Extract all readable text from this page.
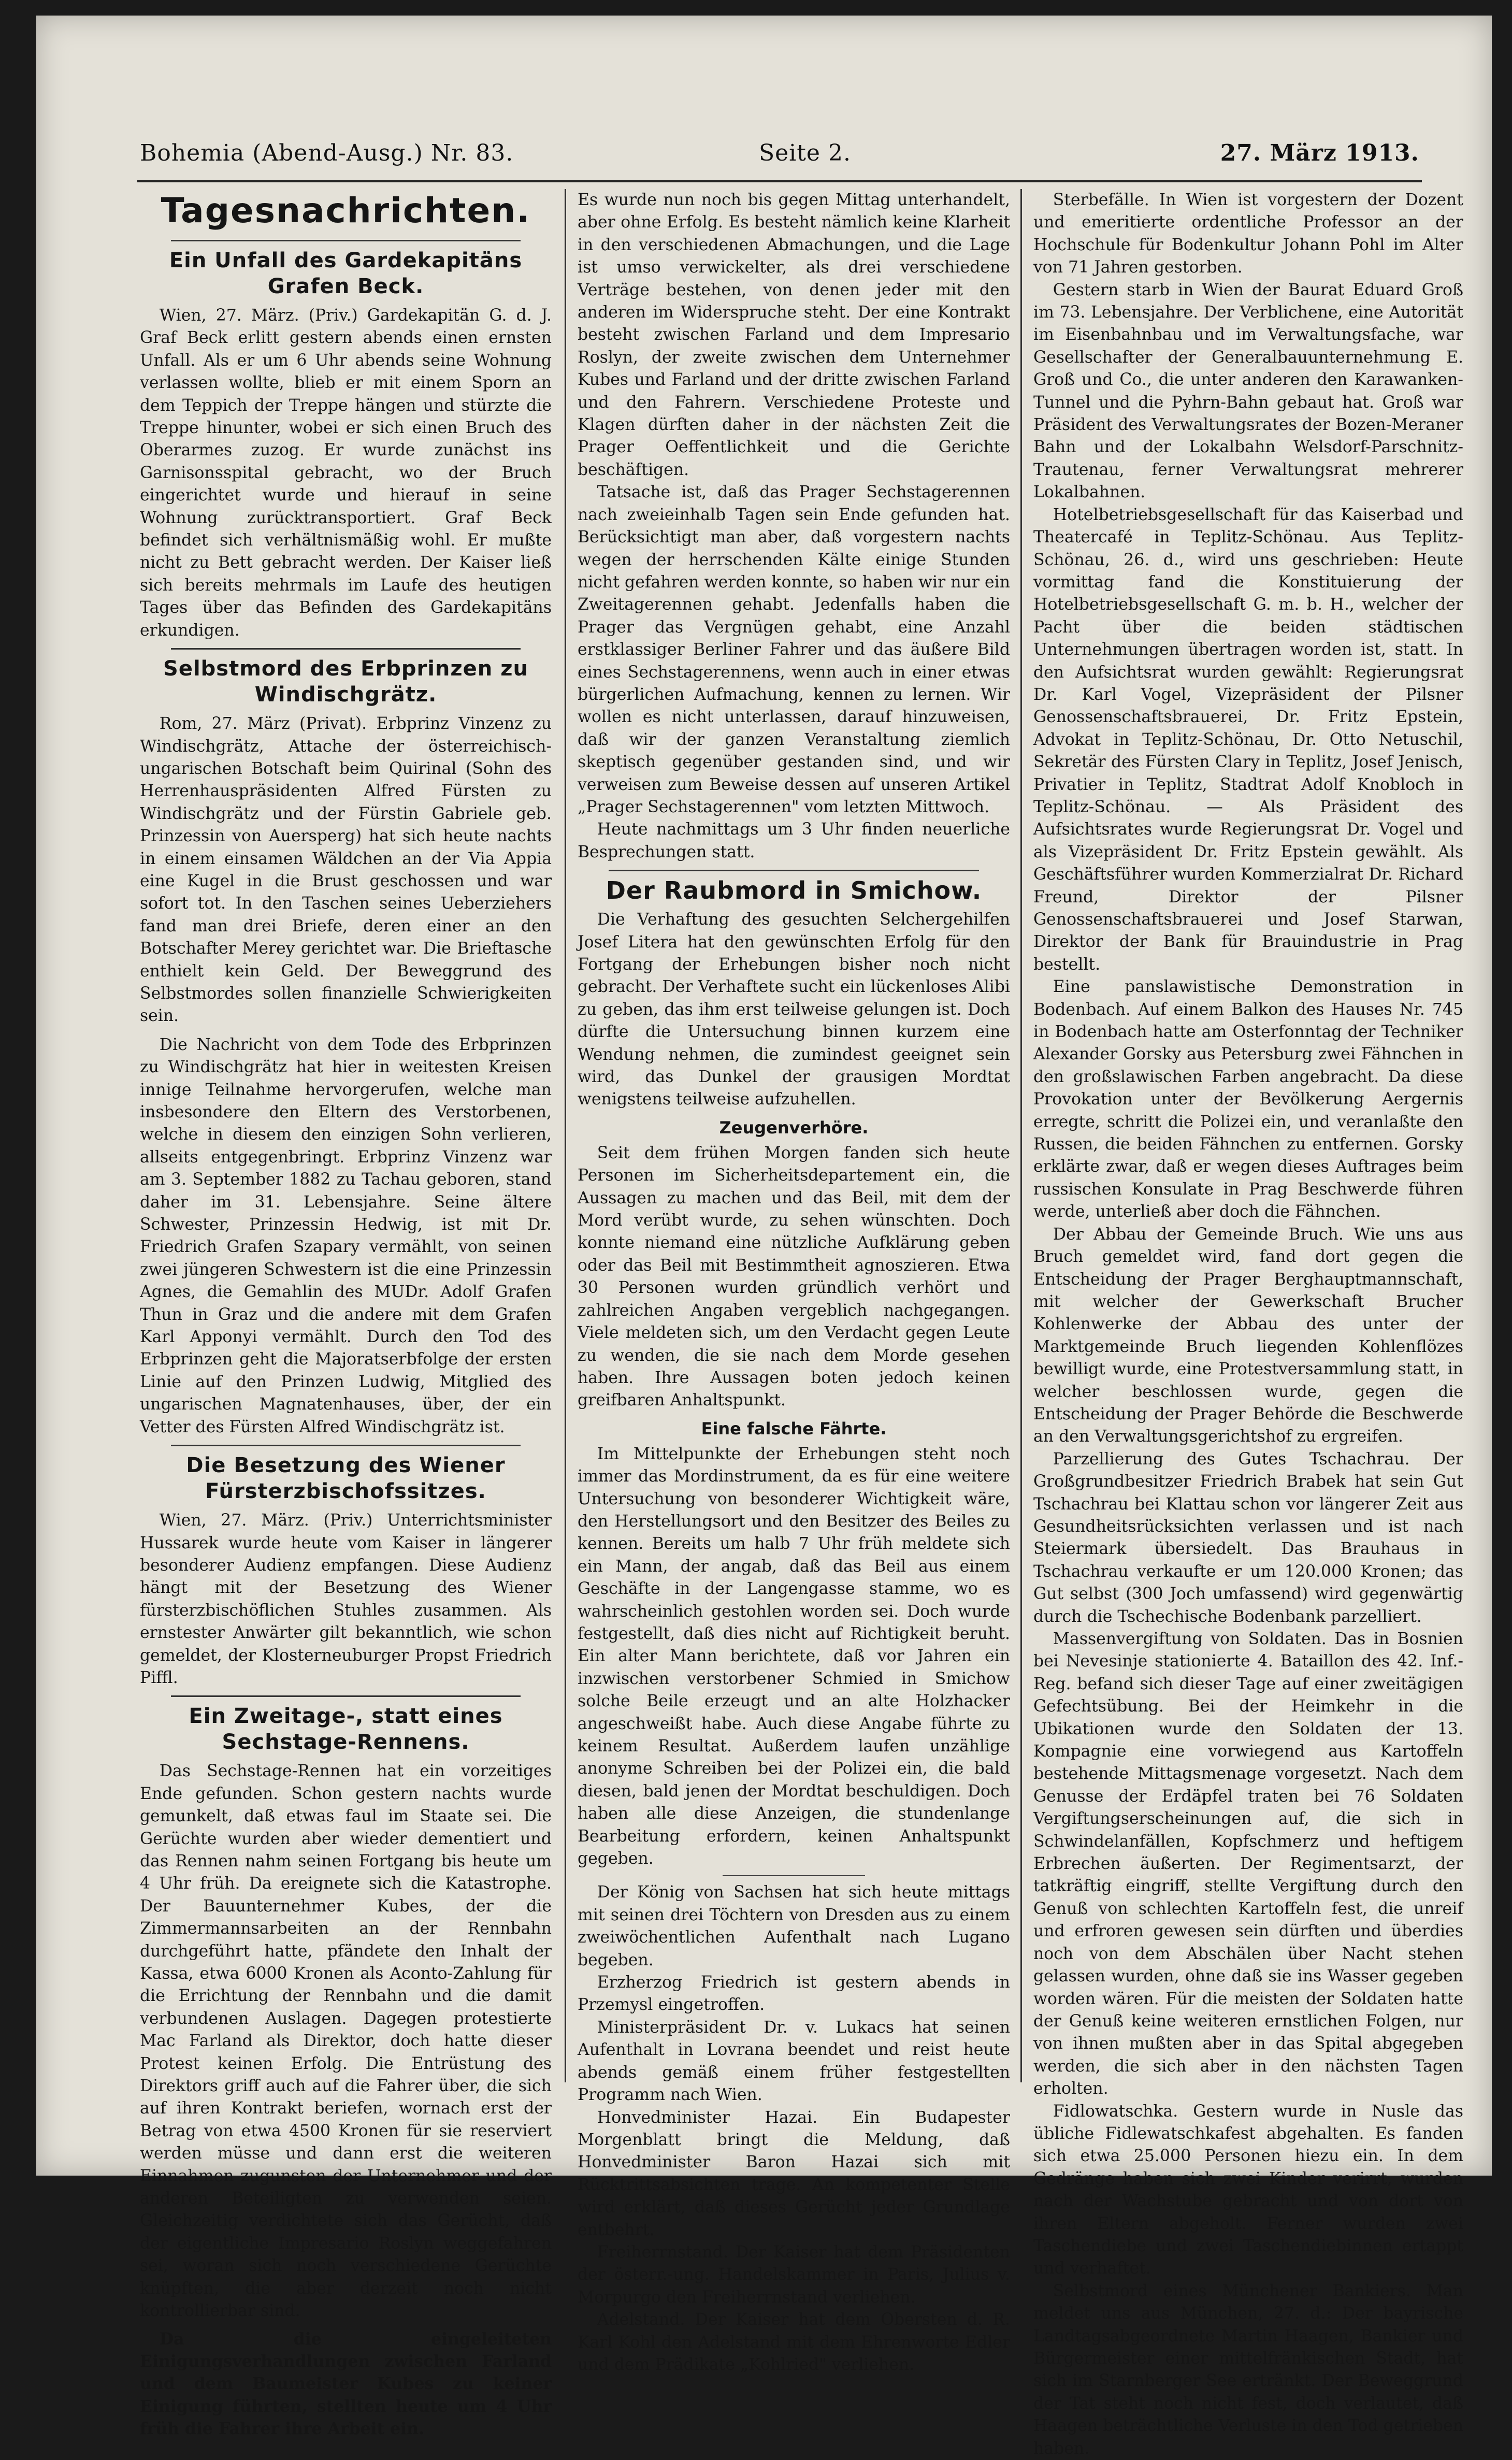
Bohemia (Abend-Ausg.) Nr. 83.	Seite 2.	27. März 1913.
Tagesnachrichten.
Ein Unfall des Gardekapitäns Grafen Beck.

Wien, 27. März. (Priv.) Gardekapitän G. d. J. Graf Beck erlitt gestern abends einen ernsten Unfall. Als er um 6 Uhr abends seine Wohnung verlassen wollte, blieb er mit einem Sporn an dem Teppich der Treppe hängen und stürzte die Treppe hinunter, wobei er sich einen Bruch des Oberarmes zuzog. Er wurde zunächst ins Garnisonsspital gebracht, wo der Bruch eingerichtet wurde und hierauf in seine Wohnung zurücktransportiert. Graf Beck befindet sich verhältnismäßig wohl. Er mußte nicht zu Bett gebracht werden. Der Kaiser ließ sich bereits mehrmals im Laufe des heutigen Tages über das Befinden des Gardekapitäns erkundigen.

Selbstmord des Erbprinzen zu Windischgrätz.

Rom, 27. März (Privat). Erbprinz Vinzenz zu Windischgrätz, Attache der österreichisch-ungarischen Botschaft beim Quirinal (Sohn des Herrenhauspräsidenten Alfred Fürsten zu Windischgrätz und der Fürstin Gabriele geb. Prinzessin von Auersperg) hat sich heute nachts in einem einsamen Wäldchen an der Via Appia eine Kugel in die Brust geschossen und war sofort tot. In den Taschen seines Ueberziehers fand man drei Briefe, deren einer an den Botschafter Merey gerichtet war. Die Brieftasche enthielt kein Geld. Der Beweggrund des Selbstmordes sollen finanzielle Schwierigkeiten sein.

Die Nachricht von dem Tode des Erbprinzen zu Windischgrätz hat hier in weitesten Kreisen innige Teilnahme hervorgerufen, welche man insbesondere den Eltern des Verstorbenen, welche in diesem den einzigen Sohn verlieren, allseits entgegenbringt. Erbprinz Vinzenz war am 3. September 1882 zu Tachau geboren, stand daher im 31. Lebensjahre. Seine ältere Schwester, Prinzessin Hedwig, ist mit Dr. Friedrich Grafen Szapary vermählt, von seinen zwei jüngeren Schwestern ist die eine Prinzessin Agnes, die Gemahlin des MUDr. Adolf Grafen Thun in Graz und die andere mit dem Grafen Karl Apponyi vermählt. Durch den Tod des Erbprinzen geht die Majoratserbfolge der ersten Linie auf den Prinzen Ludwig, Mitglied des ungarischen Magnatenhauses, über, der ein Vetter des Fürsten Alfred Windischgrätz ist.

Die Besetzung des Wiener Fürsterzbischofssitzes.

Wien, 27. März. (Priv.) Unterrichtsminister Hussarek wurde heute vom Kaiser in längerer besonderer Audienz empfangen. Diese Audienz hängt mit der Besetzung des Wiener fürsterzbischöflichen Stuhles zusammen. Als ernstester Anwärter gilt bekanntlich, wie schon gemeldet, der Klosterneuburger Propst Friedrich Piffl.

Ein Zweitage-, statt eines Sechstage-Rennens.

Das Sechstage-Rennen hat ein vorzeitiges Ende gefunden. Schon gestern nachts wurde gemunkelt, daß etwas faul im Staate sei. Die Gerüchte wurden aber wieder dementiert und das Rennen nahm seinen Fortgang bis heute um 4 Uhr früh. Da ereignete sich die Katastrophe. Der Bauunternehmer Kubes, der die Zimmermannsarbeiten an der Rennbahn durchgeführt hatte, pfändete den Inhalt der Kassa, etwa 6000 Kronen als Aconto-Zahlung für die Errichtung der Rennbahn und die damit verbundenen Auslagen. Dagegen protestierte Mac Farland als Direktor, doch hatte dieser Protest keinen Erfolg. Die Entrüstung des Direktors griff auch auf die Fahrer über, die sich auf ihren Kontrakt beriefen, wornach erst der Betrag von etwa 4500 Kronen für sie reserviert werden müsse und dann erst die weiteren Einnahmen zugunsten der Unternehmer und der anderen Beteiligten zu verwenden seien. Gleichzeitig verdichtete sich das Gerücht, daß der eigentliche Impresario Roslyn weggefahren sei, woran sich noch verschiedene Gerüchte knüpften, die aber derzeit noch nicht kontrollierbar sind.

Da die eingeleiteten Einigungsverhandlungen zwischen Farland und dem Baumeister Kubes zu keiner Einigung führten, stellten heute um 4 Uhr früh die Fahrer ihre Arbeit ein.

Es wurde nun noch bis gegen Mittag unterhandelt, aber ohne Erfolg. Es besteht nämlich keine Klarheit in den verschiedenen Abmachungen, und die Lage ist umso verwickelter, als drei verschiedene Verträge bestehen, von denen jeder mit den anderen im Widerspruche steht. Der eine Kontrakt besteht zwischen Farland und dem Impresario Roslyn, der zweite zwischen dem Unternehmer Kubes und Farland und der dritte zwischen Farland und den Fahrern. Verschiedene Proteste und Klagen dürften daher in der nächsten Zeit die Prager Oeffentlichkeit und die Gerichte beschäftigen.

Tatsache ist, daß das Prager Sechstagerennen nach zweieinhalb Tagen sein Ende gefunden hat. Berücksichtigt man aber, daß vorgestern nachts wegen der herrschenden Kälte einige Stunden nicht gefahren werden konnte, so haben wir nur ein Zweitagerennen gehabt. Jedenfalls haben die Prager das Vergnügen gehabt, eine Anzahl erstklassiger Berliner Fahrer und das äußere Bild eines Sechstagerennens, wenn auch in einer etwas bürgerlichen Aufmachung, kennen zu lernen. Wir wollen es nicht unterlassen, darauf hinzuweisen, daß wir der ganzen Veranstaltung ziemlich skeptisch gegenüber gestanden sind, und wir verweisen zum Beweise dessen auf unseren Artikel „Prager Sechstagerennen" vom letzten Mittwoch.

Heute nachmittags um 3 Uhr finden neuerliche Besprechungen statt.

Der Raubmord in Smichow.

Die Verhaftung des gesuchten Selchergehilfen Josef Litera hat den gewünschten Erfolg für den Fortgang der Erhebungen bisher noch nicht gebracht. Der Verhaftete sucht ein lückenloses Alibi zu geben, das ihm erst teilweise gelungen ist. Doch dürfte die Untersuchung binnen kurzem eine Wendung nehmen, die zumindest geeignet sein wird, das Dunkel der grausigen Mordtat wenigstens teilweise aufzuhellen.

Zeugenverhöre.

Seit dem frühen Morgen fanden sich heute Personen im Sicherheitsdepartement ein, die Aussagen zu machen und das Beil, mit dem der Mord verübt wurde, zu sehen wünschten. Doch konnte niemand eine nützliche Aufklärung geben oder das Beil mit Bestimmtheit agnoszieren. Etwa 30 Personen wurden gründlich verhört und zahlreichen Angaben vergeblich nachgegangen. Viele meldeten sich, um den Verdacht gegen Leute zu wenden, die sie nach dem Morde gesehen haben. Ihre Aussagen boten jedoch keinen greifbaren Anhaltspunkt.

Eine falsche Fährte.

Im Mittelpunkte der Erhebungen steht noch immer das Mordinstrument, da es für eine weitere Untersuchung von besonderer Wichtigkeit wäre, den Herstellungsort und den Besitzer des Beiles zu kennen. Bereits um halb 7 Uhr früh meldete sich ein Mann, der angab, daß das Beil aus einem Geschäfte in der Langengasse stamme, wo es wahrscheinlich gestohlen worden sei. Doch wurde festgestellt, daß dies nicht auf Richtigkeit beruht. Ein alter Mann berichtete, daß vor Jahren ein inzwischen verstorbener Schmied in Smichow solche Beile erzeugt und an alte Holzhacker angeschweißt habe. Auch diese Angabe führte zu keinem Resultat. Außerdem laufen unzählige anonyme Schreiben bei der Polizei ein, die bald diesen, bald jenen der Mordtat beschuldigen. Doch haben alle diese Anzeigen, die stundenlange Bearbeitung erfordern, keinen Anhaltspunkt gegeben.

Der König von Sachsen hat sich heute mittags mit seinen drei Töchtern von Dresden aus zu einem zweiwöchentlichen Aufenthalt nach Lugano begeben.

Erzherzog Friedrich ist gestern abends in Przemysl eingetroffen.

Ministerpräsident Dr. v. Lukacs hat seinen Aufenthalt in Lovrana beendet und reist heute abends gemäß einem früher festgestellten Programm nach Wien.

Honvedminister Hazai. Ein Budapester Morgenblatt bringt die Meldung, daß Honvedminister Baron Hazai sich mit Rücktrittsabsichten trage. An kompetenter Stelle wird erklärt, daß dieses Gerücht jeder Grundlage entbehrt.

Freiherrnstand. Der Kaiser hat dem Präsidenten der österr.-ung. Handelskammer in Paris, Julius v. Morpurgo den Freiherrnstand verliehen.

Adelstand. Der Kaiser hat dem Obersten d. R. Karl Kohl den Adelstand mit dem Ehrenworte Edler und dem Prädikate „Kohlried" verliehen.

Sterbefälle. In Wien ist vorgestern der Dozent und emeritierte ordentliche Professor an der Hochschule für Bodenkultur Johann Pohl im Alter von 71 Jahren gestorben.

Gestern starb in Wien der Baurat Eduard Groß im 73. Lebensjahre. Der Verblichene, eine Autorität im Eisenbahnbau und im Verwaltungsfache, war Gesellschafter der Generalbauunternehmung E. Groß und Co., die unter anderen den Karawanken-Tunnel und die Pyhrn-Bahn gebaut hat. Groß war Präsident des Verwaltungsrates der Bozen-Meraner Bahn und der Lokalbahn Welsdorf-Parschnitz-Trautenau, ferner Verwaltungsrat mehrerer Lokalbahnen.

Hotelbetriebsgesellschaft für das Kaiserbad und Theatercafé in Teplitz-Schönau. Aus Teplitz-Schönau, 26. d., wird uns geschrieben: Heute vormittag fand die Konstituierung der Hotelbetriebsgesellschaft G. m. b. H., welcher der Pacht über die beiden städtischen Unternehmungen übertragen worden ist, statt. In den Aufsichtsrat wurden gewählt: Regierungsrat Dr. Karl Vogel, Vizepräsident der Pilsner Genossenschaftsbrauerei, Dr. Fritz Epstein, Advokat in Teplitz-Schönau, Dr. Otto Netuschil, Sekretär des Fürsten Clary in Teplitz, Josef Jenisch, Privatier in Teplitz, Stadtrat Adolf Knobloch in Teplitz-Schönau. — Als Präsident des Aufsichtsrates wurde Regierungsrat Dr. Vogel und als Vizepräsident Dr. Fritz Epstein gewählt. Als Geschäftsführer wurden Kommerzialrat Dr. Richard Freund, Direktor der Pilsner Genossenschaftsbrauerei und Josef Starwan, Direktor der Bank für Brauindustrie in Prag bestellt.

Eine panslawistische Demonstration in Bodenbach. Auf einem Balkon des Hauses Nr. 745 in Bodenbach hatte am Osterfonntag der Techniker Alexander Gorsky aus Petersburg zwei Fähnchen in den großslawischen Farben angebracht. Da diese Provokation unter der Bevölkerung Aergernis erregte, schritt die Polizei ein, und veranlaßte den Russen, die beiden Fähnchen zu entfernen. Gorsky erklärte zwar, daß er wegen dieses Auftrages beim russischen Konsulate in Prag Beschwerde führen werde, unterließ aber doch die Fähnchen.

Der Abbau der Gemeinde Bruch. Wie uns aus Bruch gemeldet wird, fand dort gegen die Entscheidung der Prager Berghauptmannschaft, mit welcher der Gewerkschaft Brucher Kohlenwerke der Abbau des unter der Marktgemeinde Bruch liegenden Kohlenflözes bewilligt wurde, eine Protestversammlung statt, in welcher beschlossen wurde, gegen die Entscheidung der Prager Behörde die Beschwerde an den Verwaltungsgerichtshof zu ergreifen.

Parzellierung des Gutes Tschachrau. Der Großgrundbesitzer Friedrich Brabek hat sein Gut Tschachrau bei Klattau schon vor längerer Zeit aus Gesundheitsrücksichten verlassen und ist nach Steiermark übersiedelt. Das Brauhaus in Tschachrau verkaufte er um 120.000 Kronen; das Gut selbst (300 Joch umfassend) wird gegenwärtig durch die Tschechische Bodenbank parzelliert.

Massenvergiftung von Soldaten. Das in Bosnien bei Nevesinje stationierte 4. Bataillon des 42. Inf.-Reg. befand sich dieser Tage auf einer zweitägigen Gefechtsübung. Bei der Heimkehr in die Ubikationen wurde den Soldaten der 13. Kompagnie eine vorwiegend aus Kartoffeln bestehende Mittagsmenage vorgesetzt. Nach dem Genusse der Erdäpfel traten bei 76 Soldaten Vergiftungserscheinungen auf, die sich in Schwindelanfällen, Kopfschmerz und heftigem Erbrechen äußerten. Der Regimentsarzt, der tatkräftig eingriff, stellte Vergiftung durch den Genuß von schlechten Kartoffeln fest, die unreif und erfroren gewesen sein dürften und überdies noch von dem Abschälen über Nacht stehen gelassen wurden, ohne daß sie ins Wasser gegeben worden wären. Für die meisten der Soldaten hatte der Genuß keine weiteren ernstlichen Folgen, nur von ihnen mußten aber in das Spital abgegeben werden, die sich aber in den nächsten Tagen erholten.

Fidlowatschka. Gestern wurde in Nusle das übliche Fidlewatschkafest abgehalten. Es fanden sich etwa 25.000 Personen hiezu ein. In dem Gedränge haben sich zwei Kinder verirrt, wurden nach der Wachstube gebracht und von dort von ihren Eltern abgeholt. Ferner wurden zwei Taschendiebe und zwei Taschendiebinnen ertappt und verhaftet.

Selbstmord eines Münchener Bankiers. Man meldet uns aus München, 27. d.: Der bayrische Landtagsabgeordnete Martin Haagen, Bankier und Bürgermeister einer mittelfränkischen Stadt, hat sich im Starnberger See ertränkt. Der Beweggrund der Tat steht noch nicht fest, doch verlautet, daß Haagen beträchtliche Verluste in den Tod getrieben haben.
